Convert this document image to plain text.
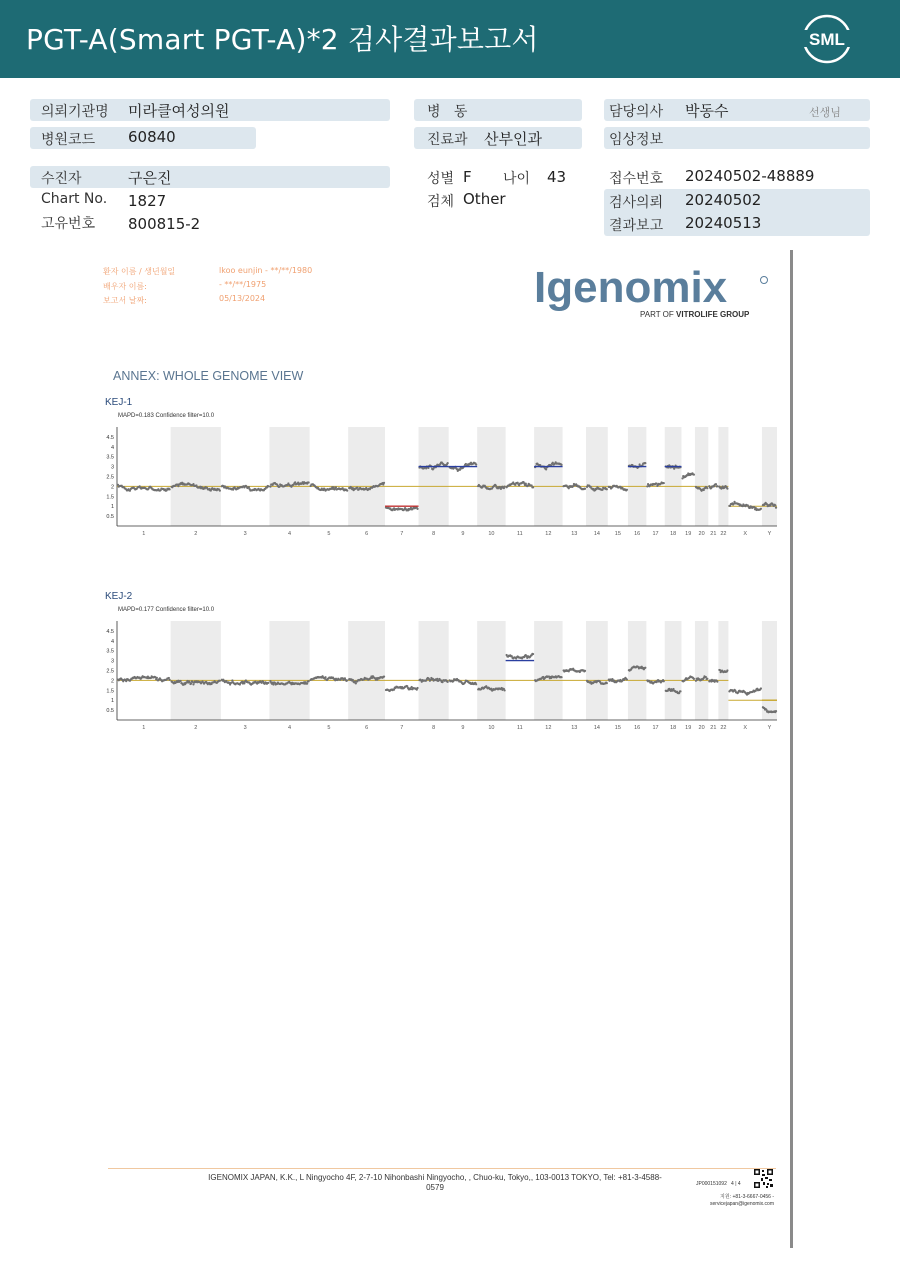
PGT-A(Smart PGT-A)*2 검사결과보고서	SML
의뢰기관명 미라클여성의원
병원코드 60840
병   동
진료과 산부인과
담당의사 박동수	선생님
임상정보
수진자	구은진
Chart No. 1827
고유번호 800815-2
성별 F 나이 43
검체 Other
접수번호 20240502-48889
검사의뢰 20240502
결과보고 20240513
환자 이름 / 생년월일	lkoo eunjin - **/**/1980
배우자 이름:	- **/**/1975
보고서 날짜:	05/13/2024	Igenomix
PART OF VITROLIFE GROUP
ANNEX: WHOLE GENOME VIEW
KEJ-1
MAPD=0.183 Confidence filter=10.0
4.5
4
3.5
3
2.5
2
1.5
1
0.5
1	2	3	4	5	6	7	8	9	10	11	12	13	14	15 16 17 18 19 20 21 22	X	Y
KEJ-2
MAPD=0.177 Confidence filter=10.0
4.5
4
3.5
3
2.5
2
1.5
1
0.5
1	2	3	4	5	6	7	8	9	10	11	12	13	14	15 16 17 18 19 20 21 22	X	Y
IGENOMIX JAPAN, K.K., L Ningyocho 4F, 2-7-10 Nihonbashi Ningyocho, , Chuo-ku, Tokyo,, 103-0013 TOKYO, Tel: +81-3-4588-0579	JP000151092 4 | 4
지원: +81-3-6667-0456 -
servicejapan@igenomix.com
